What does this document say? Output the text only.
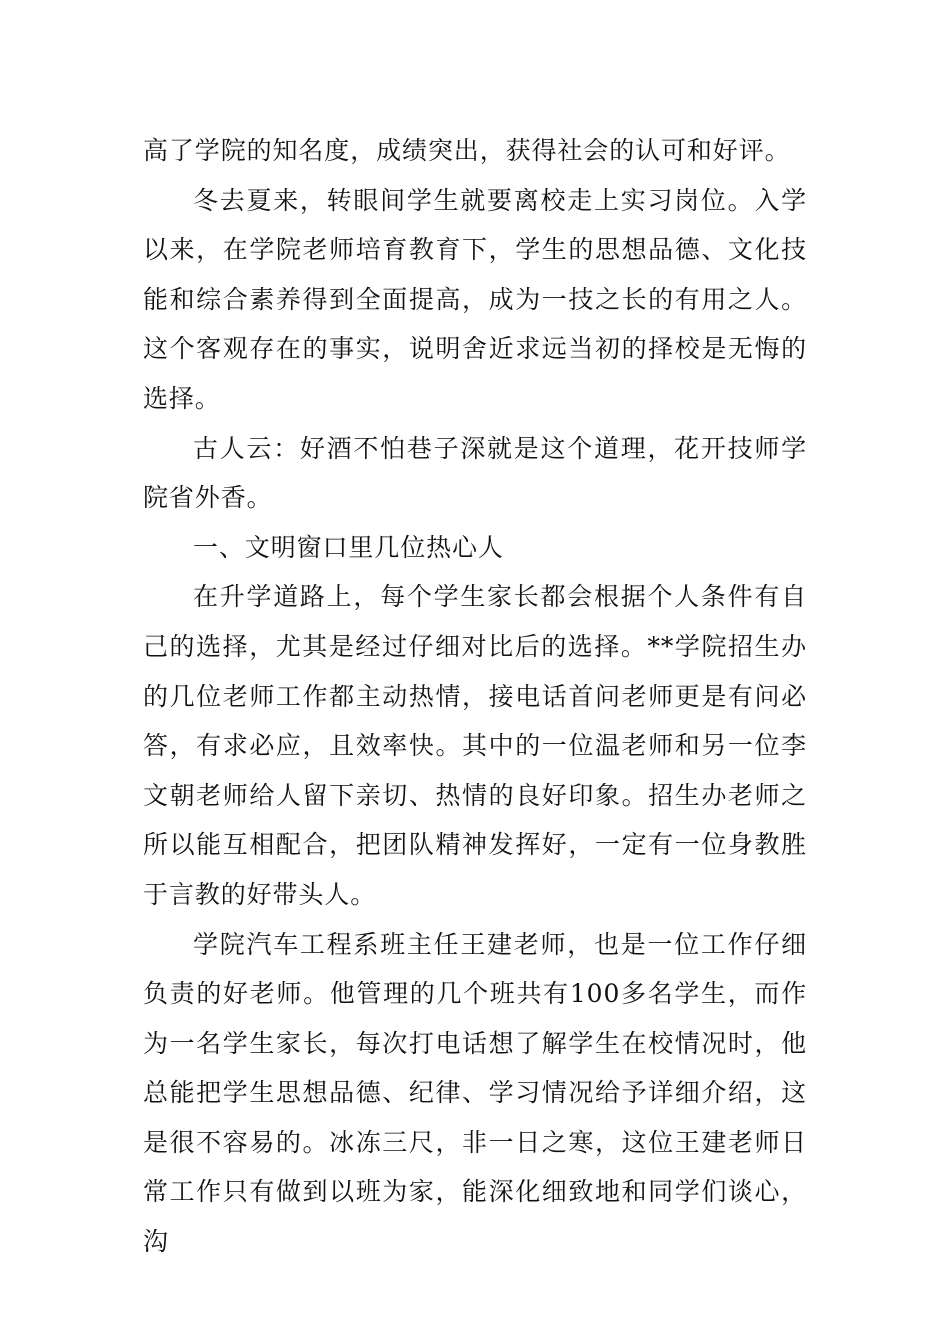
高了学院的知名度，成绩突出，获得社会的认可和好评。

冬去夏来，转眼间学生就要离校走上实习岗位。入学以来，在学院老师培育教育下，学生的思想品德、文化技能和综合素养得到全面提高，成为一技之长的有用之人。这个客观存在的事实，说明舍近求远当初的择校是无悔的选择。

古人云：好酒不怕巷子深就是这个道理，花开技师学院省外香。

一、文明窗口里几位热心人

在升学道路上，每个学生家长都会根据个人条件有自己的选择，尤其是经过仔细对比后的选择。**学院招生办的几位老师工作都主动热情，接电话首问老师更是有问必答，有求必应，且效率快。其中的一位温老师和另一位李文朝老师给人留下亲切、热情的良好印象。招生办老师之所以能互相配合，把团队精神发挥好，一定有一位身教胜于言教的好带头人。

学院汽车工程系班主任王建老师，也是一位工作仔细负责的好老师。他管理的几个班共有100多名学生，而作为一名学生家长，每次打电话想了解学生在校情况时，他总能把学生思想品德、纪律、学习情况给予详细介绍，这是很不容易的。冰冻三尺，非一日之寒，这位王建老师日常工作只有做到以班为家，能深化细致地和同学们谈心，沟
